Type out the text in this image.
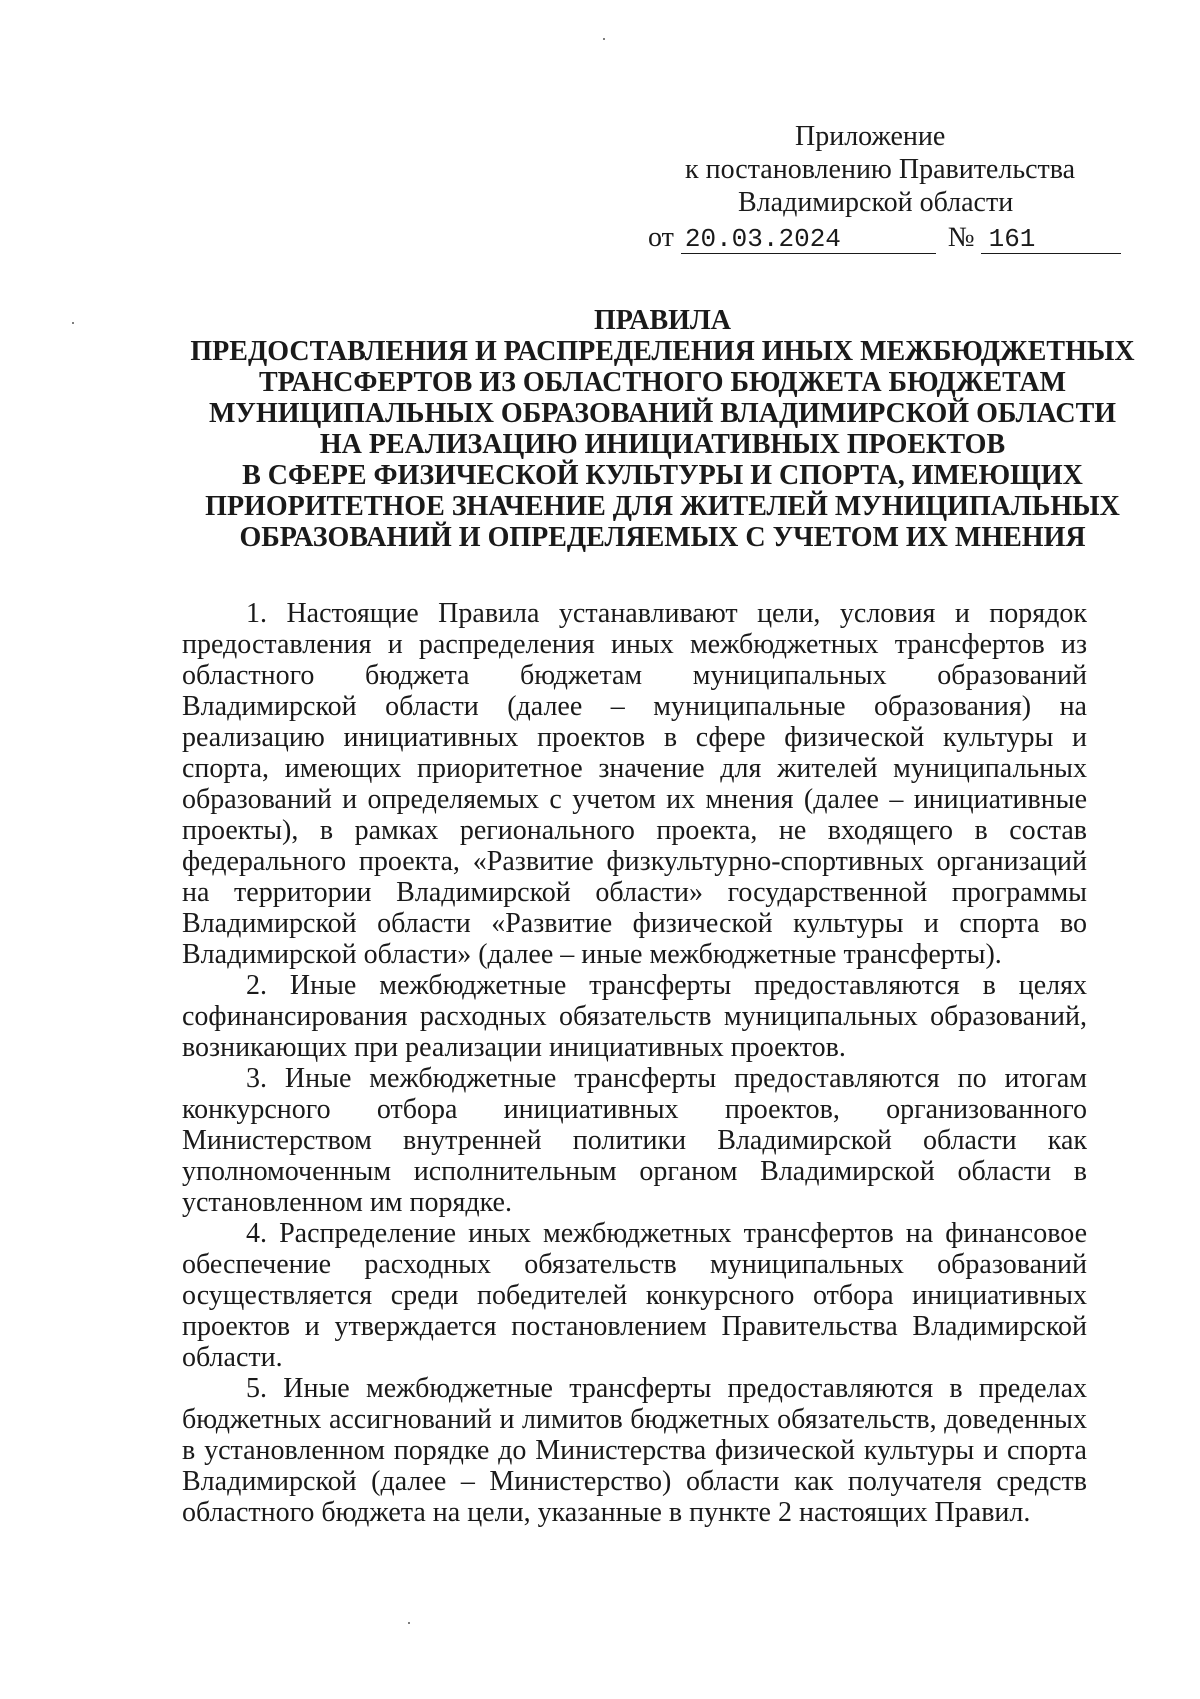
Приложение
к постановлению Правительства
Владимирской области
от 20.03.2024	№ 161
ПРАВИЛА
ПРЕДОСТАВЛЕНИЯ И РАСПРЕДЕЛЕНИЯ ИНЫХ МЕЖБЮДЖЕТНЫХ
ТРАНСФЕРТОВ ИЗ ОБЛАСТНОГО БЮДЖЕТА БЮДЖЕТАМ
МУНИЦИПАЛЬНЫХ ОБРАЗОВАНИЙ ВЛАДИМИРСКОЙ ОБЛАСТИ
НА РЕАЛИЗАЦИЮ ИНИЦИАТИВНЫХ ПРОЕКТОВ
В СФЕРЕ ФИЗИЧЕСКОЙ КУЛЬТУРЫ И СПОРТА, ИМЕЮЩИХ
ПРИОРИТЕТНОЕ ЗНАЧЕНИЕ ДЛЯ ЖИТЕЛЕЙ МУНИЦИПАЛЬНЫХ
ОБРАЗОВАНИЙ И ОПРЕДЕЛЯЕМЫХ С УЧЕТОМ ИХ МНЕНИЯ

1. Настоящие Правила устанавливают цели, условия и порядок предоставления и распределения иных межбюджетных трансфертов из областного бюджета бюджетам муниципальных образований Владимирской области (далее – муниципальные образования) на реализацию инициативных проектов в сфере физической культуры и спорта, имеющих приоритетное значение для жителей муниципальных образований и определяемых с учетом их мнения (далее – инициативные проекты), в рамках регионального проекта, не входящего в состав федерального проекта, «Развитие физкультурно-спортивных организаций на территории Владимирской области» государственной программы Владимирской области «Развитие физической культуры и спорта во Владимирской области» (далее – иные межбюджетные трансферты).

2. Иные межбюджетные трансферты предоставляются в целях софинансирования расходных обязательств муниципальных образований, возникающих при реализации инициативных проектов.

3. Иные межбюджетные трансферты предоставляются по итогам конкурсного отбора инициативных проектов, организованного Министерством внутренней политики Владимирской области как уполномоченным исполнительным органом Владимирской области в установленном им порядке.

4. Распределение иных межбюджетных трансфертов на финансовое обеспечение расходных обязательств муниципальных образований осуществляется среди победителей конкурсного отбора инициативных проектов и утверждается постановлением Правительства Владимирской области.

5. Иные межбюджетные трансферты предоставляются в пределах бюджетных ассигнований и лимитов бюджетных обязательств, доведенных в установленном порядке до Министерства физической культуры и спорта Владимирской (далее – Министерство) области как получателя средств областного бюджета на цели, указанные в пункте 2 настоящих Правил.
